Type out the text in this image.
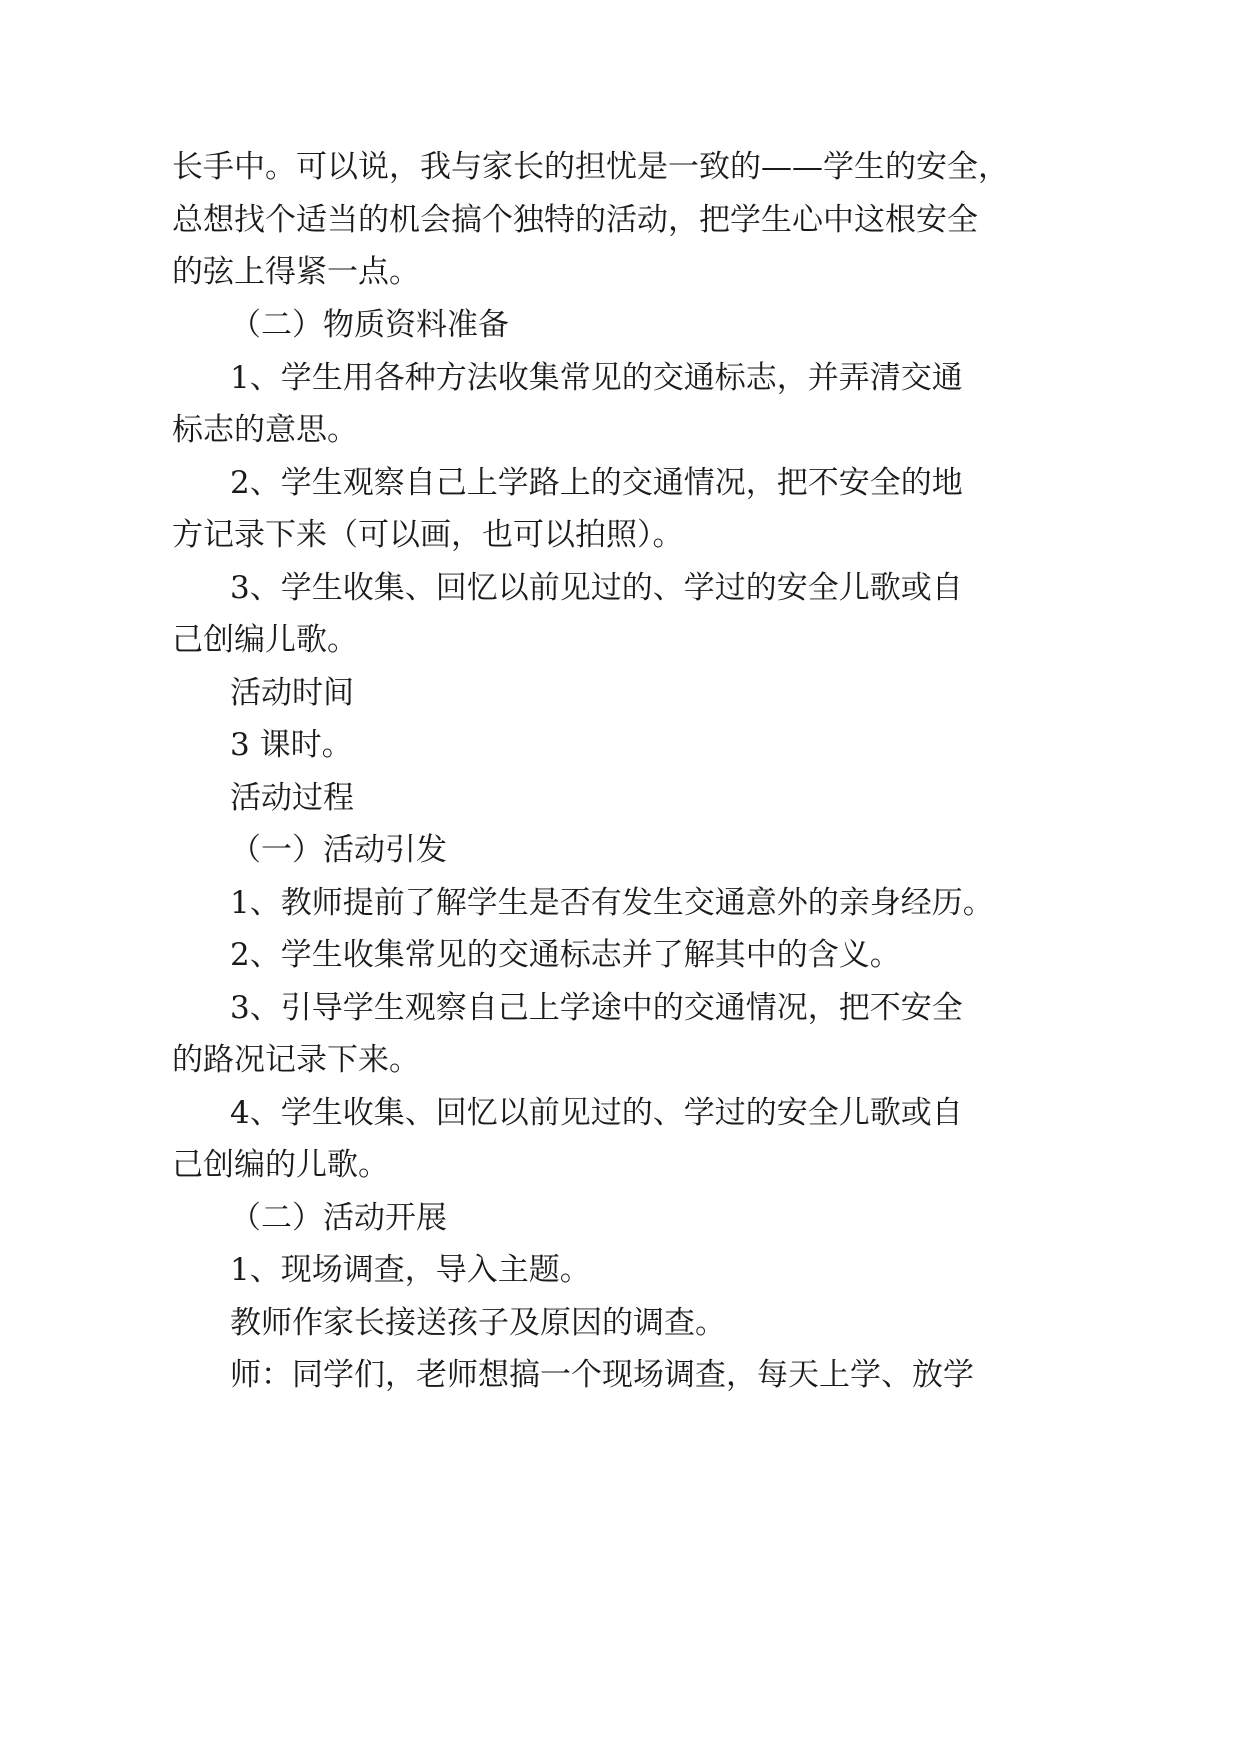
长手中。可以说，我与家长的担忧是一致的——学生的安全，
总想找个适当的机会搞个独特的活动，把学生心中这根安全
的弦上得紧一点。
（二）物质资料准备
1、学生用各种方法收集常见的交通标志，并弄清交通
标志的意思。
2、学生观察自己上学路上的交通情况，把不安全的地
方记录下来（可以画，也可以拍照）。
3、学生收集、回忆以前见过的、学过的安全儿歌或自
己创编儿歌。
活动时间
3 课时。
活动过程
（一）活动引发
1、教师提前了解学生是否有发生交通意外的亲身经历。
2、学生收集常见的交通标志并了解其中的含义。
3、引导学生观察自己上学途中的交通情况，把不安全
的路况记录下来。
4、学生收集、回忆以前见过的、学过的安全儿歌或自
己创编的儿歌。
（二）活动开展
1、现场调查，导入主题。
教师作家长接送孩子及原因的调查。
师：同学们，老师想搞一个现场调查，每天上学、放学
